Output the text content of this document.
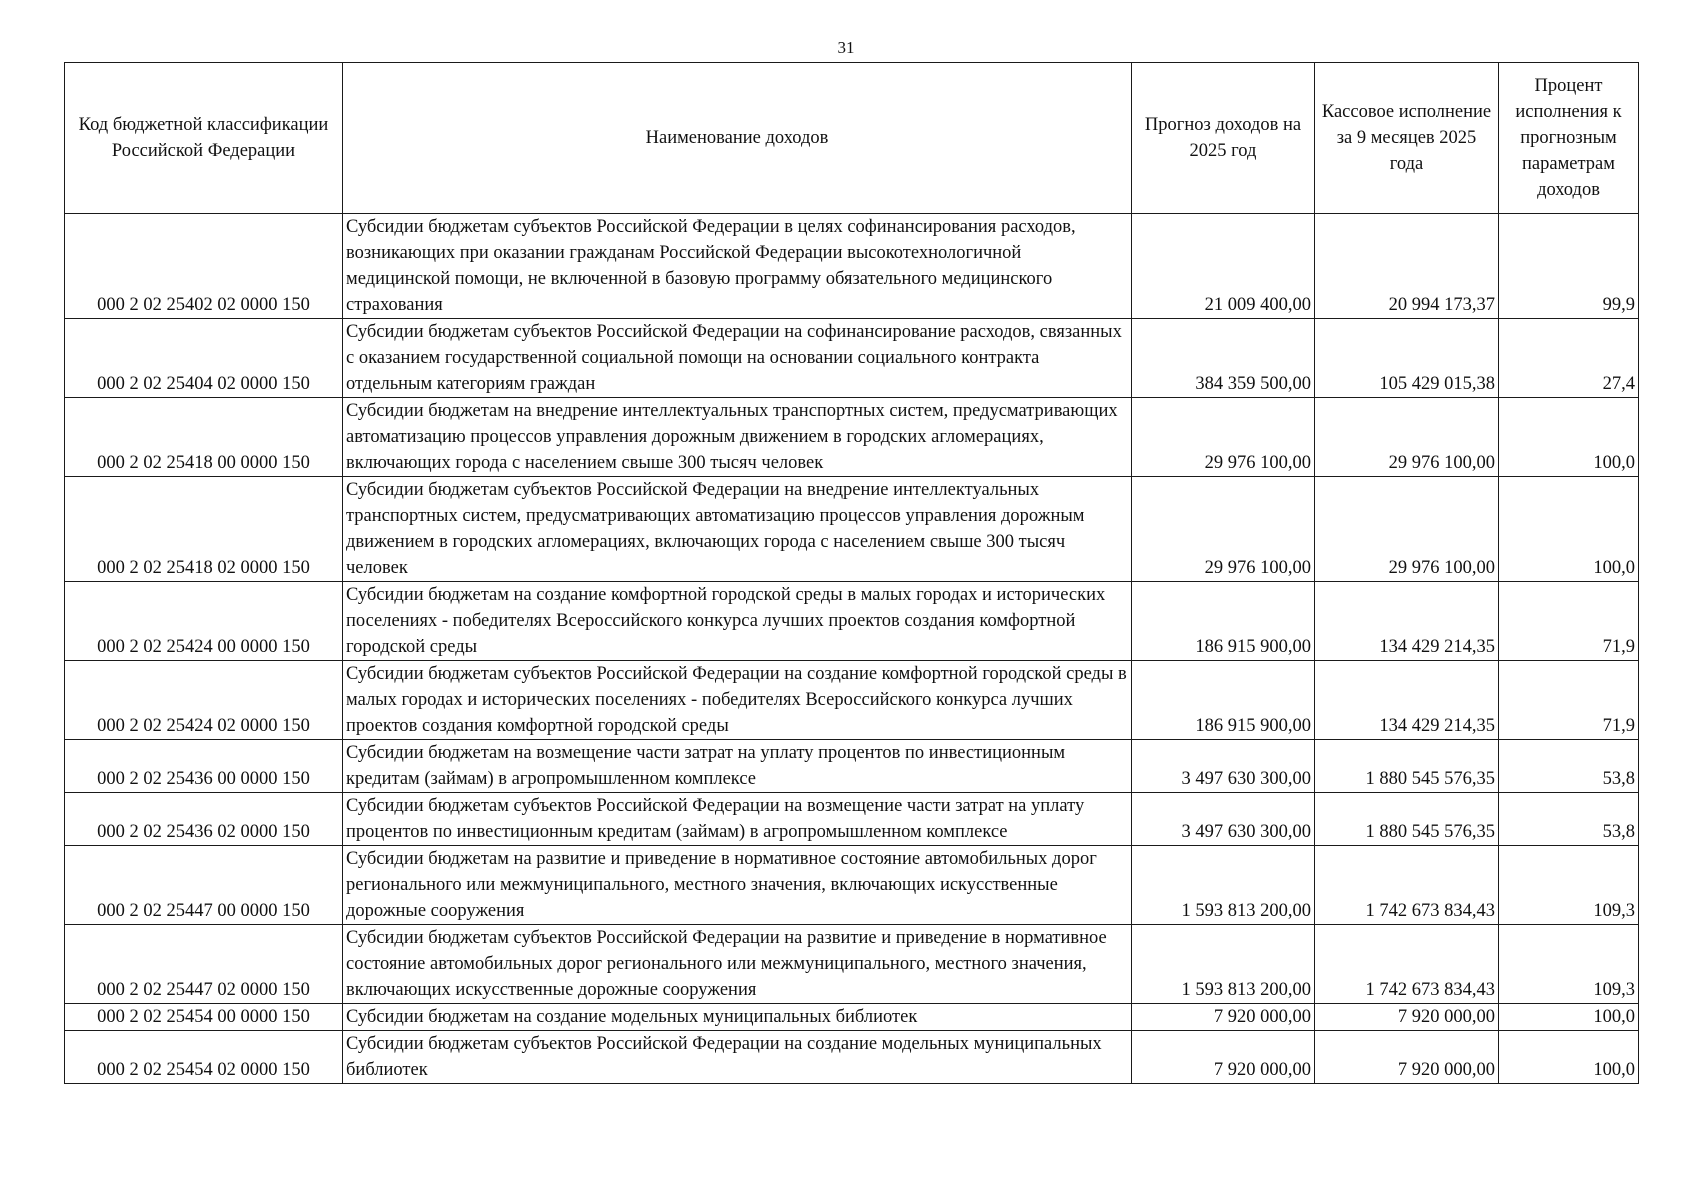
31
Код бюджетной классификации Российской Федерации	Наименование доходов	Прогноз доходов на 2025 год	Кассовое исполнение за 9 месяцев 2025 года	Процент исполнения к прогнозным параметрам доходов
000 2 02 25402 02 0000 150	Субсидии бюджетам субъектов Российской Федерации в целях софинансирования расходов, возникающих при оказании гражданам Российской Федерации высокотехнологичной медицинской помощи, не включенной в базовую программу обязательного медицинского страхования	21 009 400,00	20 994 173,37	99,9
000 2 02 25404 02 0000 150	Субсидии бюджетам субъектов Российской Федерации на софинансирование расходов, связанных с оказанием государственной социальной помощи на основании социального контракта отдельным категориям граждан	384 359 500,00	105 429 015,38	27,4
000 2 02 25418 00 0000 150	Субсидии бюджетам на внедрение интеллектуальных транспортных систем, предусматривающих автоматизацию процессов управления дорожным движением в городских агломерациях, включающих города с населением свыше 300 тысяч человек	29 976 100,00	29 976 100,00	100,0
000 2 02 25418 02 0000 150	Субсидии бюджетам субъектов Российской Федерации на внедрение интеллектуальных транспортных систем, предусматривающих автоматизацию процессов управления дорожным движением в городских агломерациях, включающих города с населением свыше 300 тысяч человек	29 976 100,00	29 976 100,00	100,0
000 2 02 25424 00 0000 150	Субсидии бюджетам на создание комфортной городской среды в малых городах и исторических поселениях - победителях Всероссийского конкурса лучших проектов создания комфортной городской среды	186 915 900,00	134 429 214,35	71,9
000 2 02 25424 02 0000 150	Субсидии бюджетам субъектов Российской Федерации на создание комфортной городской среды в малых городах и исторических поселениях - победителях Всероссийского конкурса лучших проектов создания комфортной городской среды	186 915 900,00	134 429 214,35	71,9
000 2 02 25436 00 0000 150	Субсидии бюджетам на возмещение части затрат на уплату процентов по инвестиционным кредитам (займам) в агропромышленном комплексе	3 497 630 300,00	1 880 545 576,35	53,8
000 2 02 25436 02 0000 150	Субсидии бюджетам субъектов Российской Федерации на возмещение части затрат на уплату процентов по инвестиционным кредитам (займам) в агропромышленном комплексе	3 497 630 300,00	1 880 545 576,35	53,8
000 2 02 25447 00 0000 150	Субсидии бюджетам на развитие и приведение в нормативное состояние автомобильных дорог регионального или межмуниципального, местного значения, включающих искусственные дорожные сооружения	1 593 813 200,00	1 742 673 834,43	109,3
000 2 02 25447 02 0000 150	Субсидии бюджетам субъектов Российской Федерации на развитие и приведение в нормативное состояние автомобильных дорог регионального или межмуниципального, местного значения, включающих искусственные дорожные сооружения	1 593 813 200,00	1 742 673 834,43	109,3
000 2 02 25454 00 0000 150	Субсидии бюджетам на создание модельных муниципальных библиотек	7 920 000,00	7 920 000,00	100,0
000 2 02 25454 02 0000 150	Субсидии бюджетам субъектов Российской Федерации на создание модельных муниципальных библиотек	7 920 000,00	7 920 000,00	100,0
